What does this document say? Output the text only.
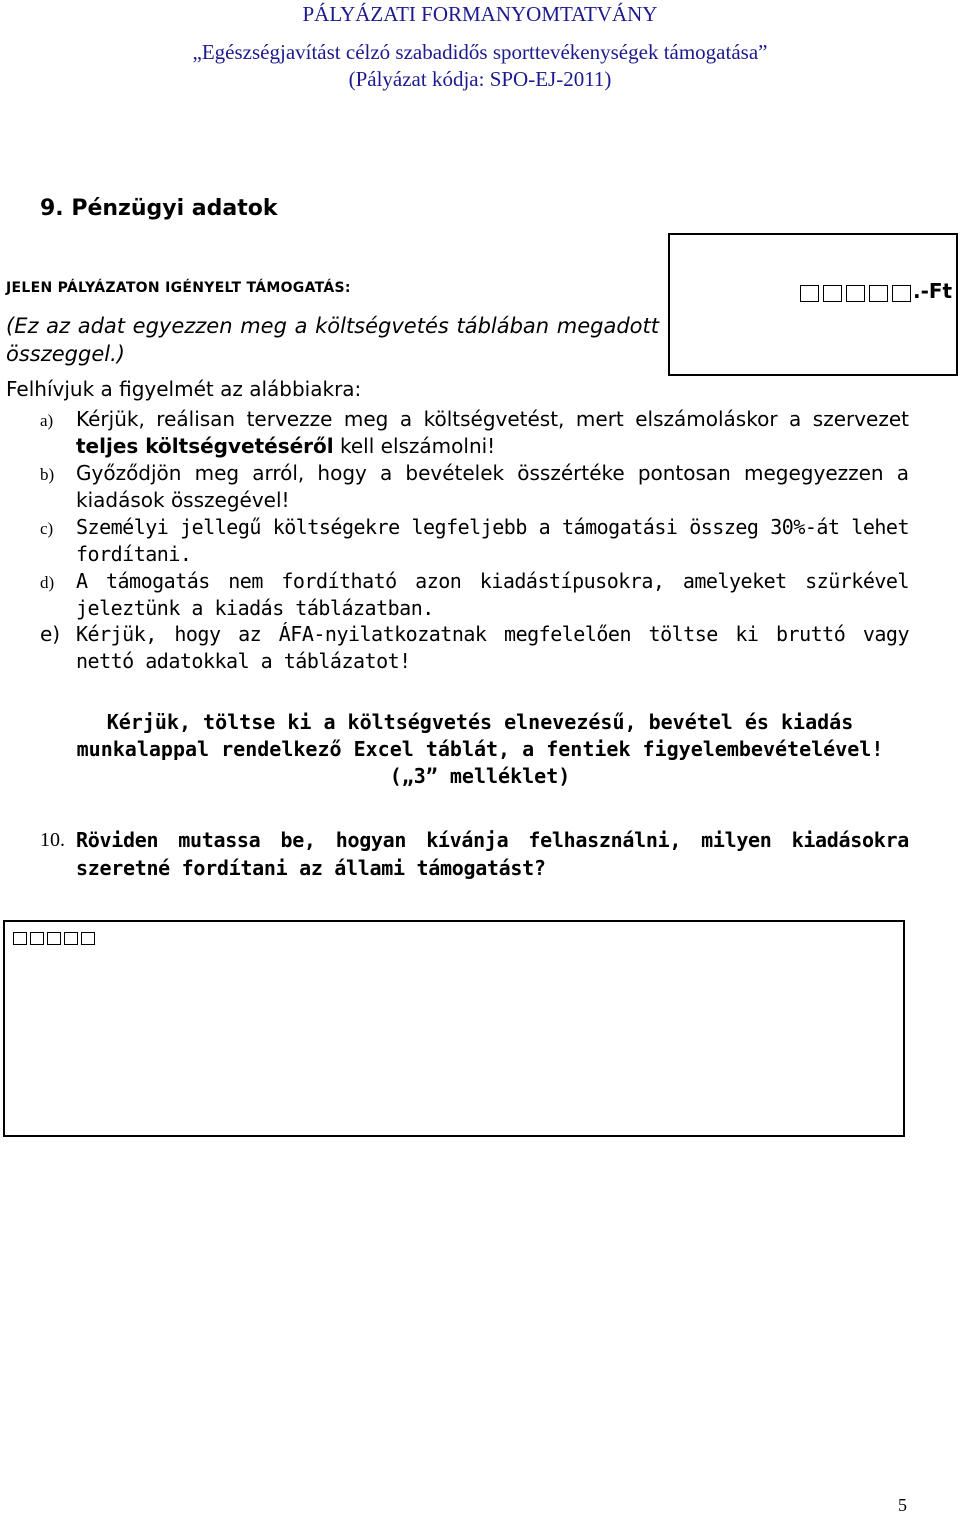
PÁLYÁZATI FORMANYOMTATVÁNY
„Egészségjavítást célzó szabadidős sporttevékenységek támogatása”
(Pályázat kódja: SPO-EJ-2011)
9. Pénzügyi adatok
JELEN PÁLYÁZATON IGÉNYELT TÁMOGATÁS:	.-Ft
(Ez az adat egyezzen meg a költségvetés táblában megadott összeggel.)
Felhívjuk a figyelmét az alábbiakra:
a) Kérjük, reálisan tervezze meg a költségvetést, mert elszámoláskor a szervezet teljes költségvetéséről kell elszámolni!
b) Győződjön meg arról, hogy a bevételek összértéke pontosan megegyezzen a kiadások összegével!
c) Személyi jellegű költségekre legfeljebb a támogatási összeg 30%-át lehet fordítani.
d) A támogatás nem fordítható azon kiadástípusokra, amelyeket szürkével jeleztünk a kiadás táblázatban.
e) Kérjük, hogy az ÁFA-nyilatkozatnak megfelelően töltse ki bruttó vagy nettó adatokkal a táblázatot!
Kérjük, töltse ki a költségvetés elnevezésű, bevétel és kiadás
munkalappal rendelkező Excel táblát, a fentiek figyelembevételével!
(„3” melléklet)
10. Röviden mutassa be, hogyan kívánja felhasználni, milyen kiadásokra szeretné fordítani az állami támogatást?
5
